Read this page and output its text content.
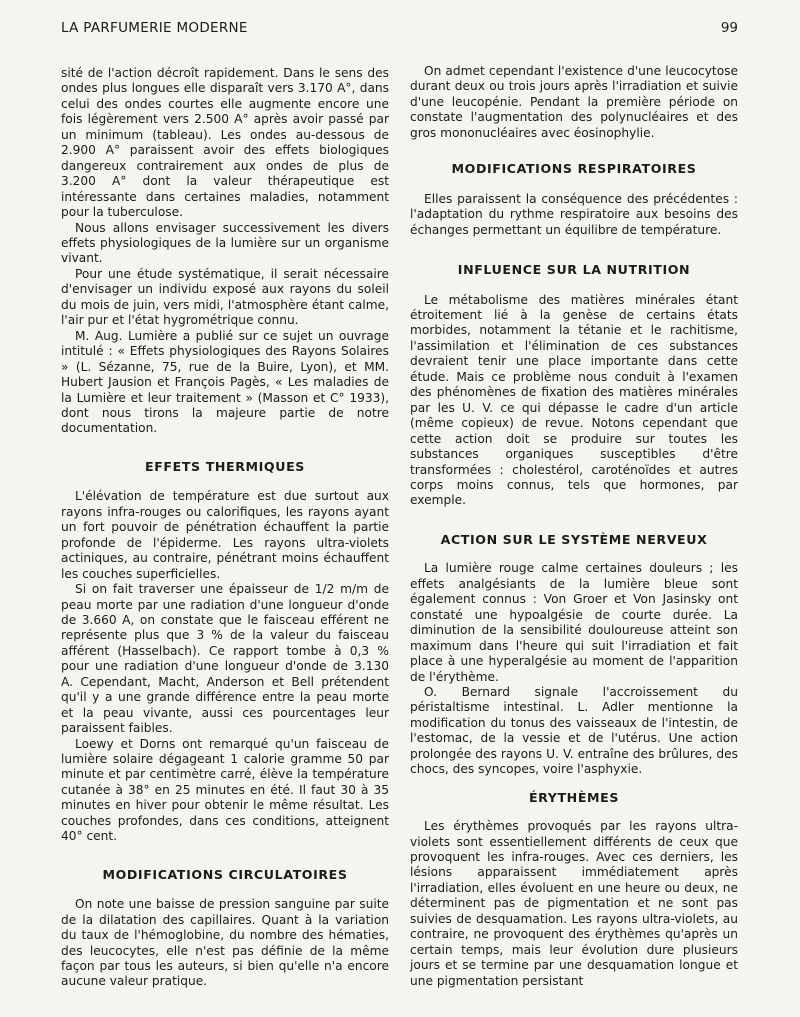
LA PARFUMERIE MODERNE	99

sité de l'action décroît rapidement. Dans le sens des ondes plus longues elle disparaît vers 3.170 A°, dans celui des ondes courtes elle augmente encore une fois légèrement vers 2.500 A° après avoir passé par un minimum (tableau). Les ondes au-dessous de 2.900 A° paraissent avoir des effets biologiques dangereux contrairement aux ondes de plus de 3.200 A° dont la valeur thérapeutique est intéressante dans certaines maladies, notamment pour la tuberculose.

Nous allons envisager successivement les divers effets physiologiques de la lumière sur un organisme vivant.

Pour une étude systématique, il serait nécessaire d'envisager un individu exposé aux rayons du soleil du mois de juin, vers midi, l'atmosphère étant calme, l'air pur et l'état hygrométrique connu.

M. Aug. Lumière a publié sur ce sujet un ouvrage intitulé : « Effets physiologiques des Rayons Solaires » (L. Sézanne, 75, rue de la Buire, Lyon), et MM. Hubert Jausion et François Pagès, « Les maladies de la Lumière et leur traitement » (Masson et C° 1933), dont nous tirons la majeure partie de notre documentation.

EFFETS THERMIQUES

L'élévation de température est due surtout aux rayons infra-rouges ou calorifiques, les rayons ayant un fort pouvoir de pénétration échauffent la partie profonde de l'épiderme. Les rayons ultra-violets actiniques, au contraire, pénétrant moins échauffent les couches superficielles.

Si on fait traverser une épaisseur de 1/2 m/m de peau morte par une radiation d'une longueur d'onde de 3.660 A, on constate que le faisceau efférent ne représente plus que 3 % de la valeur du faisceau afférent (Hasselbach). Ce rapport tombe à 0,3 % pour une radiation d'une longueur d'onde de 3.130 A. Cependant, Macht, Anderson et Bell prétendent qu'il y a une grande différence entre la peau morte et la peau vivante, aussi ces pourcentages leur paraissent faibles.

Loewy et Dorns ont remarqué qu'un faisceau de lumière solaire dégageant 1 calorie gramme 50 par minute et par centimètre carré, élève la température cutanée à 38° en 25 minutes en été. Il faut 30 à 35 minutes en hiver pour obtenir le même résultat. Les couches profondes, dans ces conditions, atteignent 40° cent.

MODIFICATIONS CIRCULATOIRES

On note une baisse de pression sanguine par suite de la dilatation des capillaires. Quant à la variation du taux de l'hémoglobine, du nombre des hématies, des leucocytes, elle n'est pas définie de la même façon par tous les auteurs, si bien qu'elle n'a encore aucune valeur pratique.

On admet cependant l'existence d'une leucocytose durant deux ou trois jours après l'irradiation et suivie d'une leucopénie. Pendant la première période on constate l'augmentation des polynucléaires et des gros mononucléaires avec éosinophylie.

MODIFICATIONS RESPIRATOIRES

Elles paraissent la conséquence des précédentes : l'adaptation du rythme respiratoire aux besoins des échanges permettant un équilibre de température.

INFLUENCE SUR LA NUTRITION

Le métabolisme des matières minérales étant étroitement lié à la genèse de certains états morbides, notamment la tétanie et le rachitisme, l'assimilation et l'élimination de ces substances devraient tenir une place importante dans cette étude. Mais ce problème nous conduit à l'examen des phénomènes de fixation des matières minérales par les U. V. ce qui dépasse le cadre d'un article (même copieux) de revue. Notons cependant que cette action doit se produire sur toutes les substances organiques susceptibles d'être transformées : cholestérol, caroténoïdes et autres corps moins connus, tels que hormones, par exemple.

ACTION SUR LE SYSTÈME NERVEUX

La lumière rouge calme certaines douleurs ; les effets analgésiants de la lumière bleue sont également connus : Von Groer et Von Jasinsky ont constaté une hypoalgésie de courte durée. La diminution de la sensibilité douloureuse atteint son maximum dans l'heure qui suit l'irradiation et fait place à une hyperalgésie au moment de l'apparition de l'érythème.

O. Bernard signale l'accroissement du péristaltisme intestinal. L. Adler mentionne la modification du tonus des vaisseaux de l'intestin, de l'estomac, de la vessie et de l'utérus. Une action prolongée des rayons U. V. entraîne des brûlures, des chocs, des syncopes, voire l'asphyxie.

ÉRYTHÈMES

Les érythèmes provoqués par les rayons ultra-violets sont essentiellement différents de ceux que provoquent les infra-rouges. Avec ces derniers, les lésions apparaissent immédiatement après l'irradiation, elles évoluent en une heure ou deux, ne déterminent pas de pigmentation et ne sont pas suivies de desquamation. Les rayons ultra-violets, au contraire, ne provoquent des érythèmes qu'après un certain temps, mais leur évolution dure plusieurs jours et se termine par une desquamation longue et une pigmentation persistant
